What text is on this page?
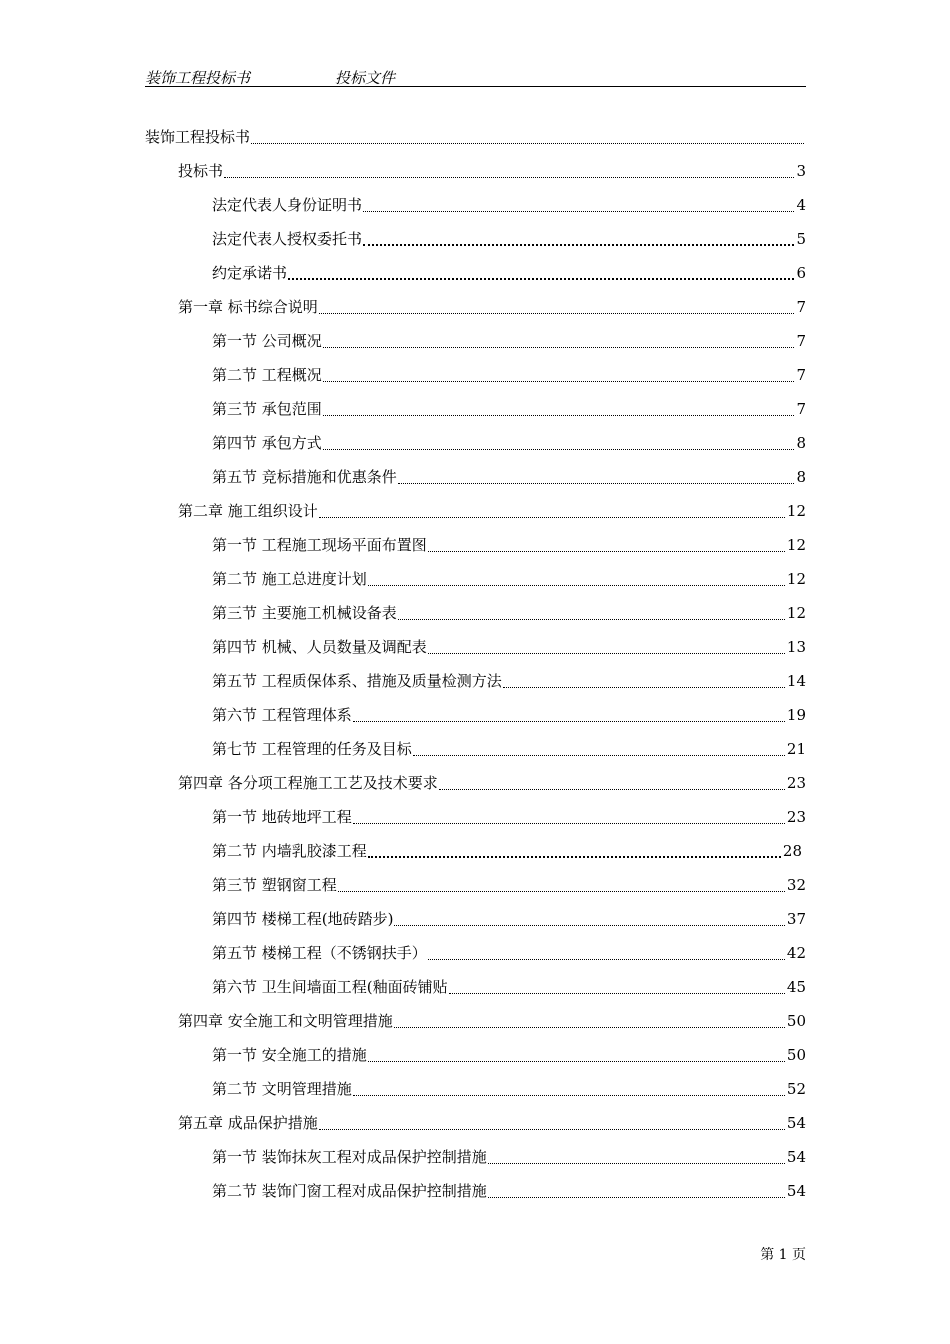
装饰工程投标书	投标文件
装饰工程投标书
投标书	3
法定代表人身份证明书	4
法定代表人授权委托书	5
约定承诺书	6
第一章 标书综合说明	7
第一节 公司概况	7
第二节 工程概况	7
第三节 承包范围	7
第四节 承包方式	8
第五节 竞标措施和优惠条件	8
第二章 施工组织设计	12
第一节 工程施工现场平面布置图	12
第二节 施工总进度计划	12
第三节 主要施工机械设备表	12
第四节 机械、人员数量及调配表	13
第五节 工程质保体系、措施及质量检测方法	14
第六节 工程管理体系	19
第七节 工程管理的任务及目标	21
第四章 各分项工程施工工艺及技术要求	23
第一节 地砖地坪工程	23
第二节 内墙乳胶漆工程	28
第三节 塑钢窗工程	32
第四节 楼梯工程(地砖踏步)	37
第五节 楼梯工程（不锈钢扶手）	42
第六节 卫生间墙面工程(釉面砖铺贴	45
第四章 安全施工和文明管理措施	50
第一节 安全施工的措施	50
第二节 文明管理措施	52
第五章 成品保护措施	54
第一节 装饰抹灰工程对成品保护控制措施	54
第二节 装饰门窗工程对成品保护控制措施	54
第 1 页
